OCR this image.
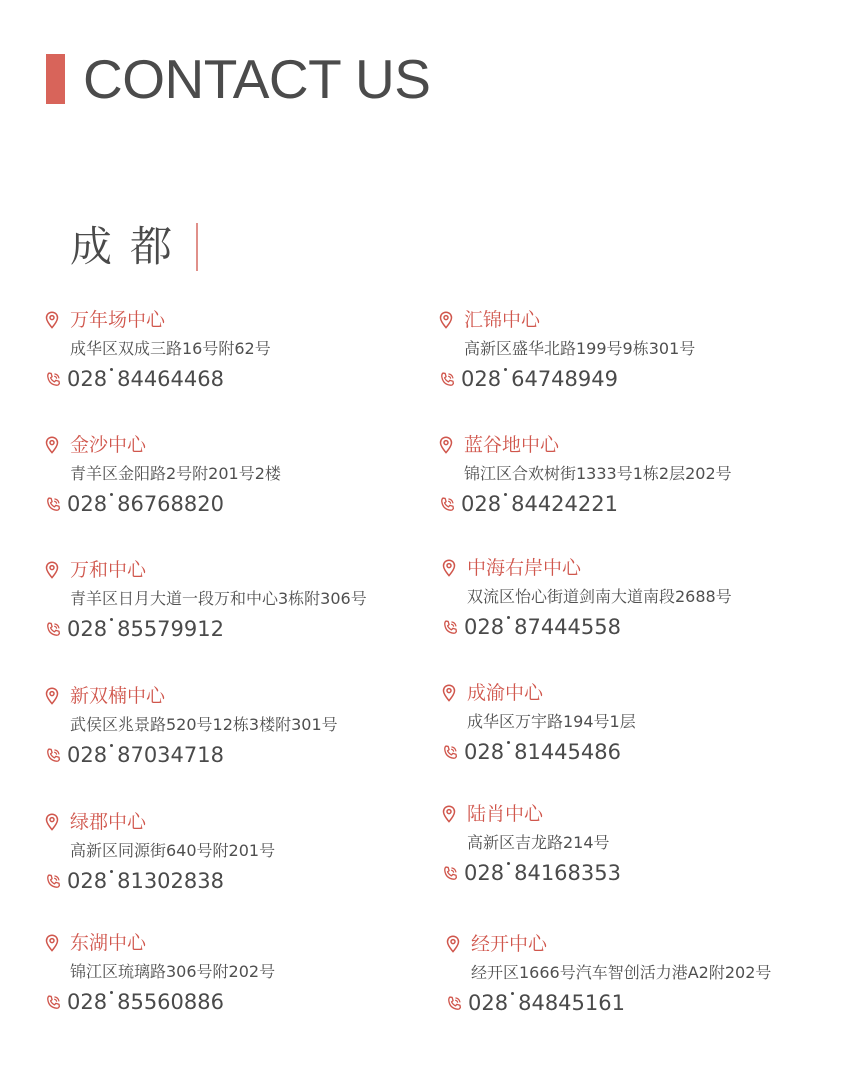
CONTACT US
成都
万年场中心
成华区双成三路16号附62号
028 84464468
金沙中心
青羊区金阳路2号附201号2楼
028 86768820
万和中心
青羊区日月大道一段万和中心3栋附306号
028 85579912
新双楠中心
武侯区兆景路520号12栋3楼附301号
028 87034718
绿郡中心
高新区同源街640号附201号
028 81302838
东湖中心
锦江区琉璃路306号附202号
028 85560886
汇锦中心
高新区盛华北路199号9栋301号
028 64748949
蓝谷地中心
锦江区合欢树街1333号1栋2层202号
028 84424221
中海右岸中心
双流区怡心街道剑南大道南段2688号
028 87444558
成渝中心
成华区万宇路194号1层
028 81445486
陆肖中心
高新区吉龙路214号
028 84168353
经开中心
经开区1666号汽车智创活力港A2附202号
028 84845161
